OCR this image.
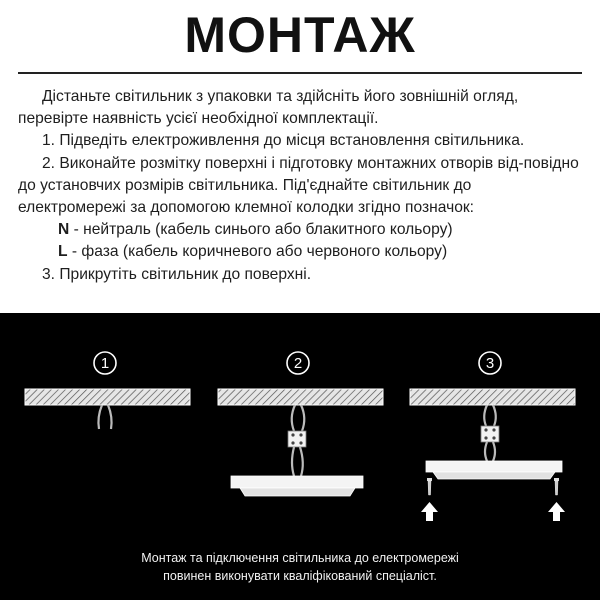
МОНТАЖ

Дістаньте світильник з упаковки та здійсніть його зовнішній огляд, перевірте наявність усієї необхідної комплектації.

1. Підведіть електроживлення до місця встановлення світильника.

2. Виконайте розмітку поверхні і підготовку монтажних отворів від-повідно до установчих розмірів світильника. Під'єднайте світильник до електромережі за допомогою клемної колодки згідно позначок:

N - нейтраль (кабель синього або блакитного кольору)

L - фаза (кабель коричневого або червоного кольору)

3. Прикрутіть світильник до поверхні.

1	2	3
Монтаж та підключення світильника до електромережі
повинен виконувати кваліфікований спеціаліст.
